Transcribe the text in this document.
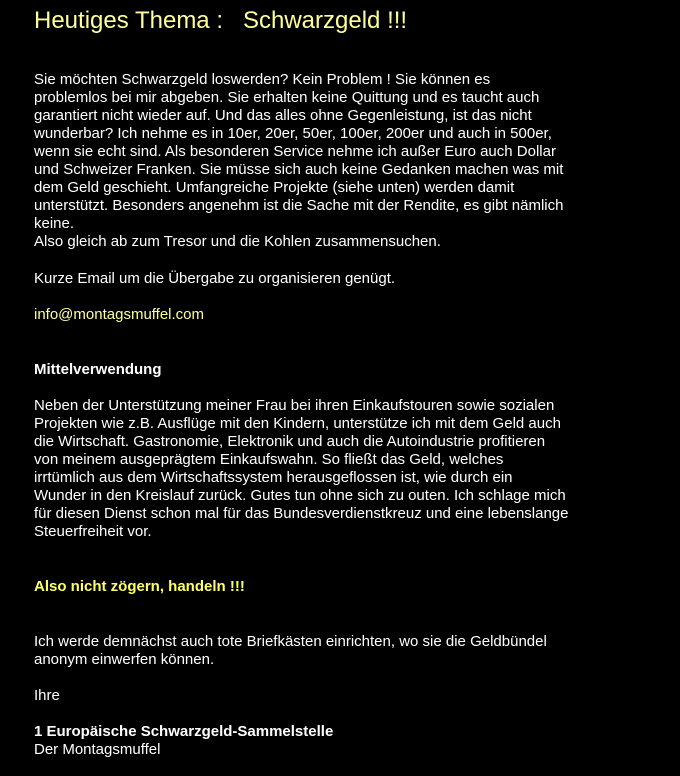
Heutiges Thema :   Schwarzgeld !!!
Sie möchten Schwarzgeld loswerden? Kein Problem ! Sie können es
problemlos bei mir abgeben. Sie erhalten keine Quittung und es taucht auch
garantiert nicht wieder auf. Und das alles ohne Gegenleistung, ist das nicht
wunderbar? Ich nehme es in 10er, 20er, 50er, 100er, 200er und auch in 500er,
wenn sie echt sind. Als besonderen Service nehme ich außer Euro auch Dollar
und Schweizer Franken. Sie müsse sich auch keine Gedanken machen was mit
dem Geld geschieht. Umfangreiche Projekte (siehe unten) werden damit
unterstützt. Besonders angenehm ist die Sache mit der Rendite, es gibt nämlich
keine.
Also gleich ab zum Tresor und die Kohlen zusammensuchen.
Kurze Email um die Übergabe zu organisieren genügt.
info@montagsmuffel.com
Mittelverwendung
Neben der Unterstützung meiner Frau bei ihren Einkaufstouren sowie sozialen
Projekten wie z.B. Ausflüge mit den Kindern, unterstütze ich mit dem Geld auch
die Wirtschaft. Gastronomie, Elektronik und auch die Autoindustrie profitieren
von meinem ausgeprägtem Einkaufswahn. So fließt das Geld, welches
irrtümlich aus dem Wirtschaftssystem herausgeflossen ist, wie durch ein
Wunder in den Kreislauf zurück. Gutes tun ohne sich zu outen. Ich schlage mich
für diesen Dienst schon mal für das Bundesverdienstkreuz und eine lebenslange
Steuerfreiheit vor.
Also nicht zögern, handeln !!!
Ich werde demnächst auch tote Briefkästen einrichten, wo sie die Geldbündel
anonym einwerfen können.
Ihre
1 Europäische Schwarzgeld-Sammelstelle
Der Montagsmuffel
